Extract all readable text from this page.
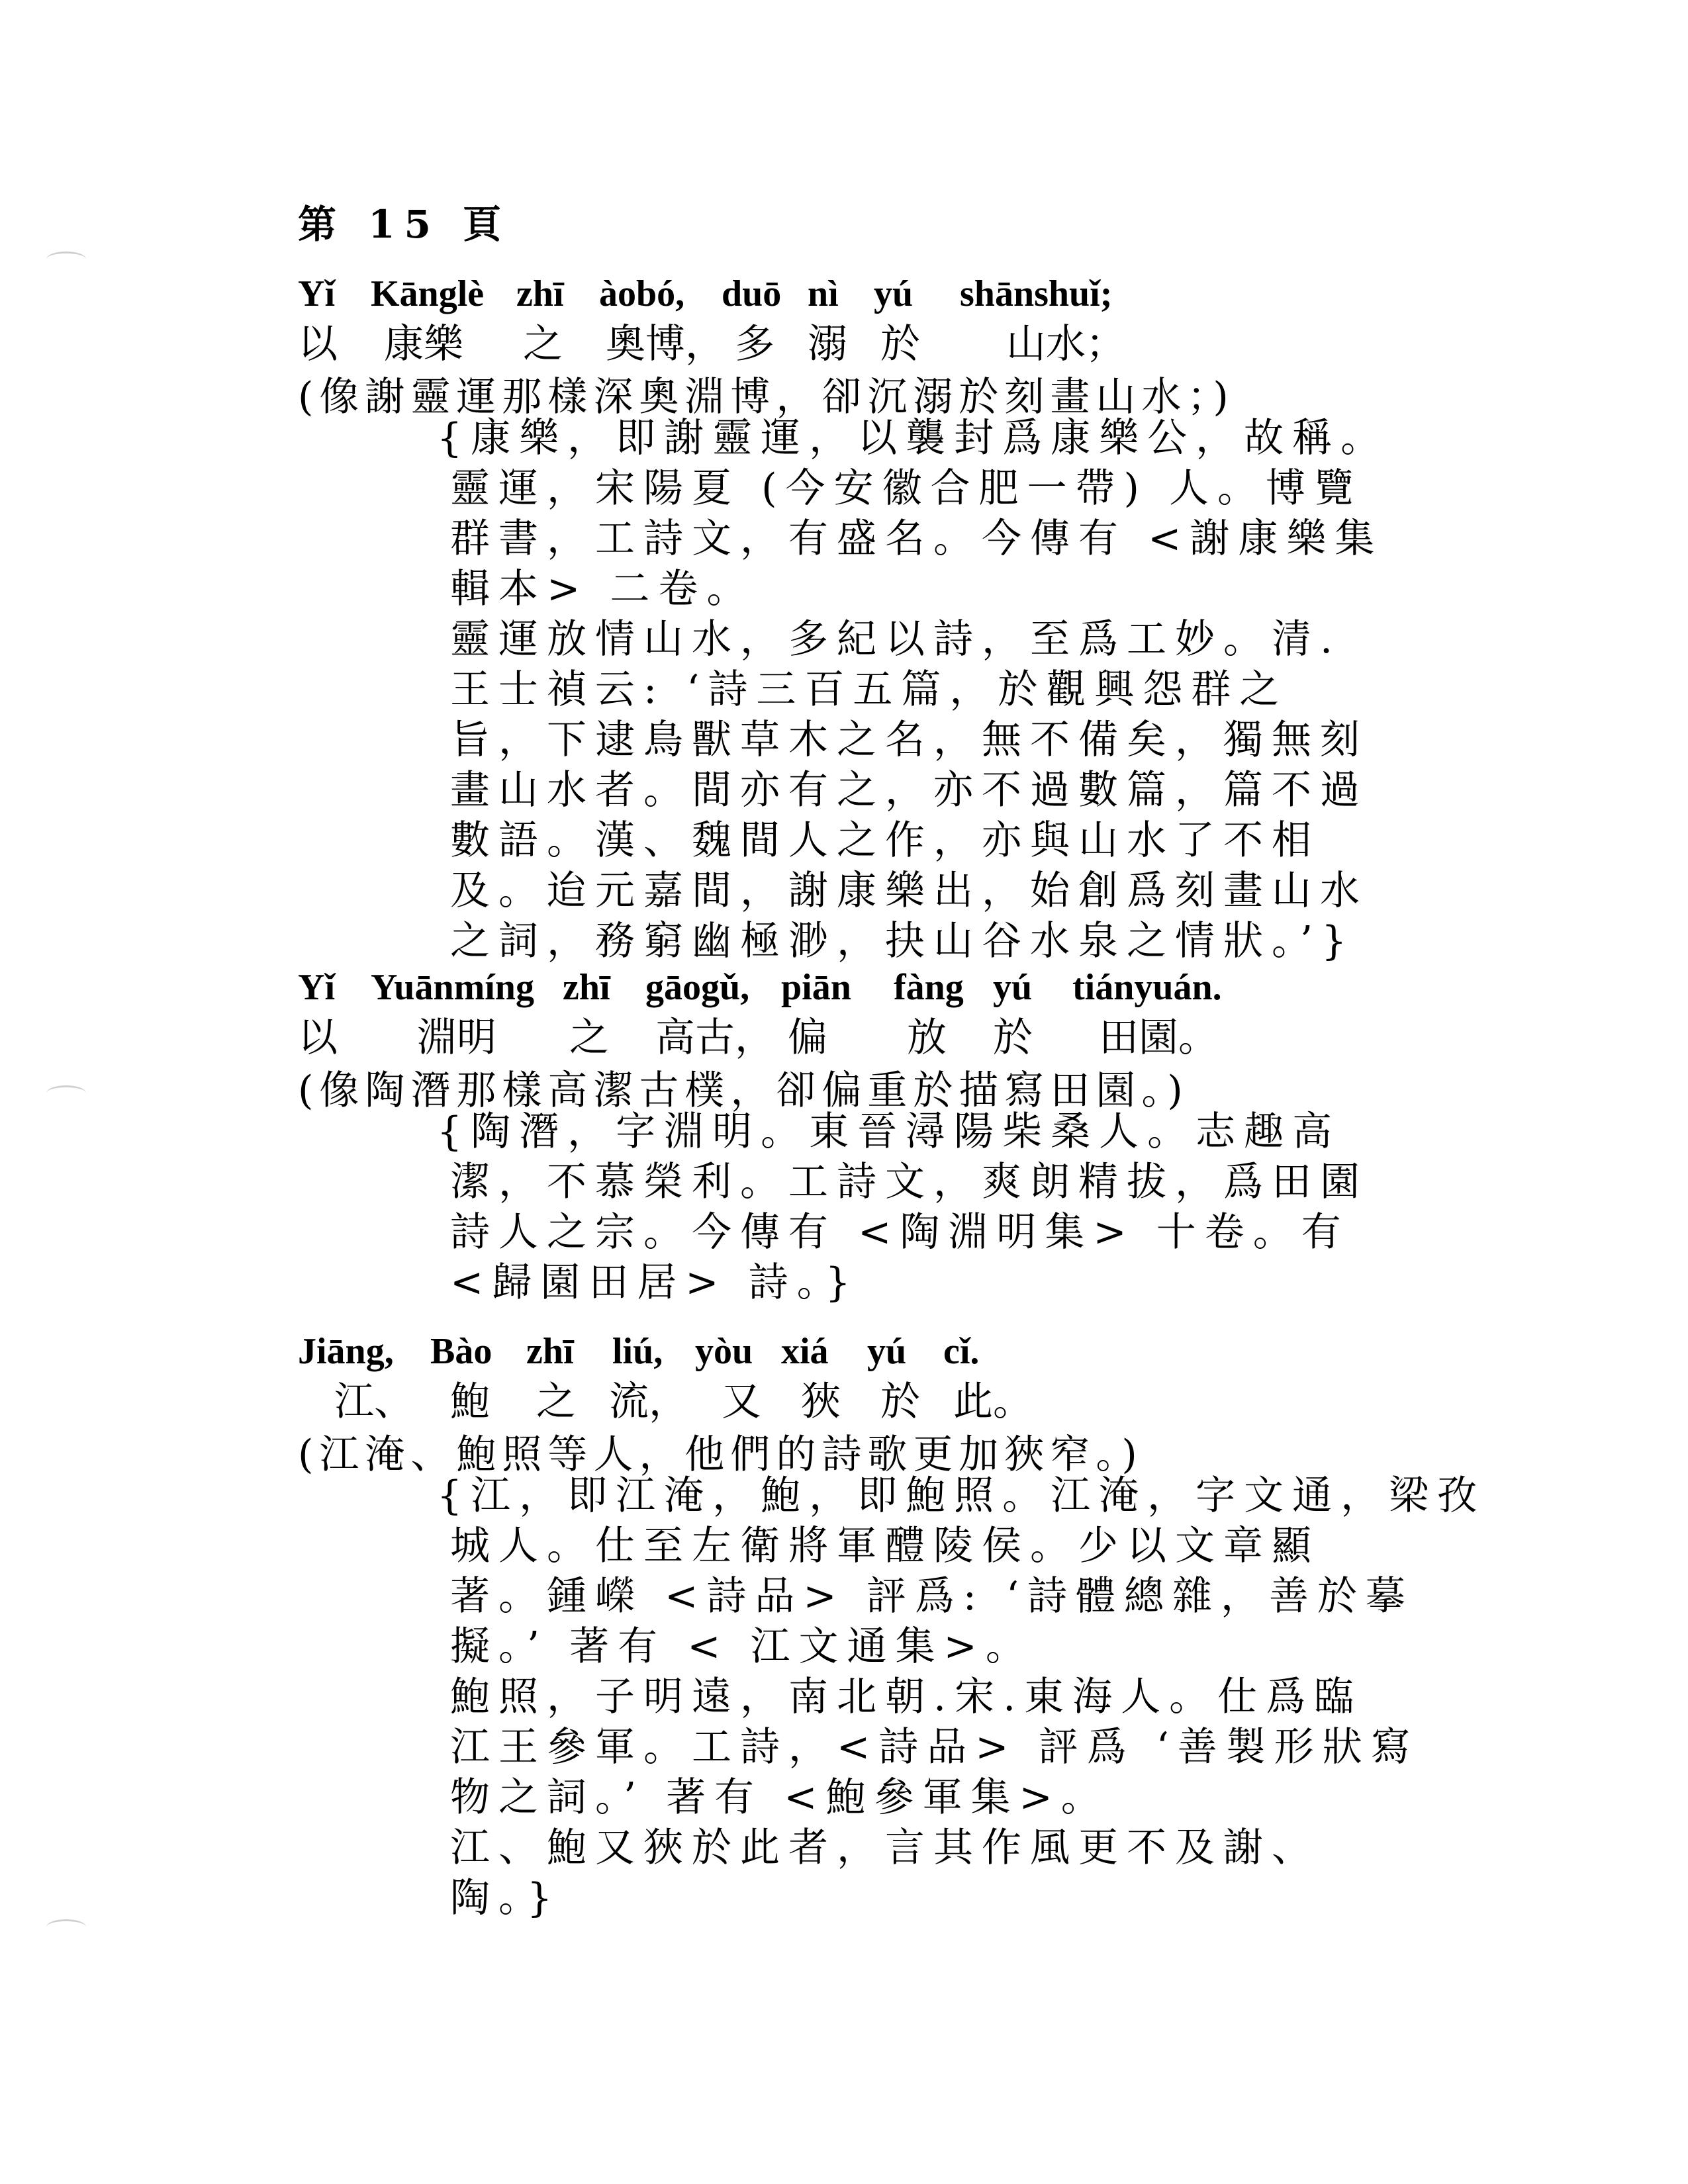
第 15 頁
Yǐ Kānglè zhī àobó, duō nì yú shānshuǐ;
以 康樂 之 奧博， 多 溺 於 山水；
(像謝靈運那樣深奧淵博，卻沉溺於刻畫山水；)
{康樂，即謝靈運，以襲封爲康樂公，故稱。
靈運，宋陽夏 (今安徽合肥一帶) 人。博覽
群書，工詩文，有盛名。今傳有 <謝康樂集
輯本> 二卷。
靈運放情山水，多紀以詩，至爲工妙。清.
王士禎云: ‘詩三百五篇，於觀興怨群之
旨，下逮鳥獸草木之名，無不備矣，獨無刻
畫山水者。間亦有之，亦不過數篇，篇不過
數語。漢、魏間人之作，亦與山水了不相
及。迨元嘉間，謝康樂出，始創爲刻畫山水
之詞，務窮幽極渺，抉山谷水泉之情狀。’}
Yǐ Yuānmíng zhī gāogǔ, piān fàng yú tiányuán.
以 淵明 之 高古， 偏 放 於 田園。
(像陶潛那樣高潔古樸，卻偏重於描寫田園。)
{陶潛，字淵明。東晉潯陽柴桑人。志趣高
潔，不慕榮利。工詩文，爽朗精拔，爲田園
詩人之宗。今傳有 <陶淵明集> 十卷。有
<歸園田居> 詩。}
Jiāng, Bào zhī liú, yòu xiá yú cǐ.
江、 鮑 之 流， 又 狹 於 此。
(江淹、鮑照等人，他們的詩歌更加狹窄。)
{江，即江淹，鮑，即鮑照。江淹，字文通，梁孜
城人。仕至左衛將軍醴陵侯。少以文章顯
著。鍾嶸 <詩品> 評爲: ‘詩體總雜，善於摹
擬。’ 著有 < 江文通集>。
鮑照，子明遠，南北朝.宋.東海人。仕爲臨
江王參軍。工詩，<詩品> 評爲 ‘善製形狀寫
物之詞。’ 著有 <鮑參軍集>。
江、鮑又狹於此者，言其作風更不及謝、
陶。}
